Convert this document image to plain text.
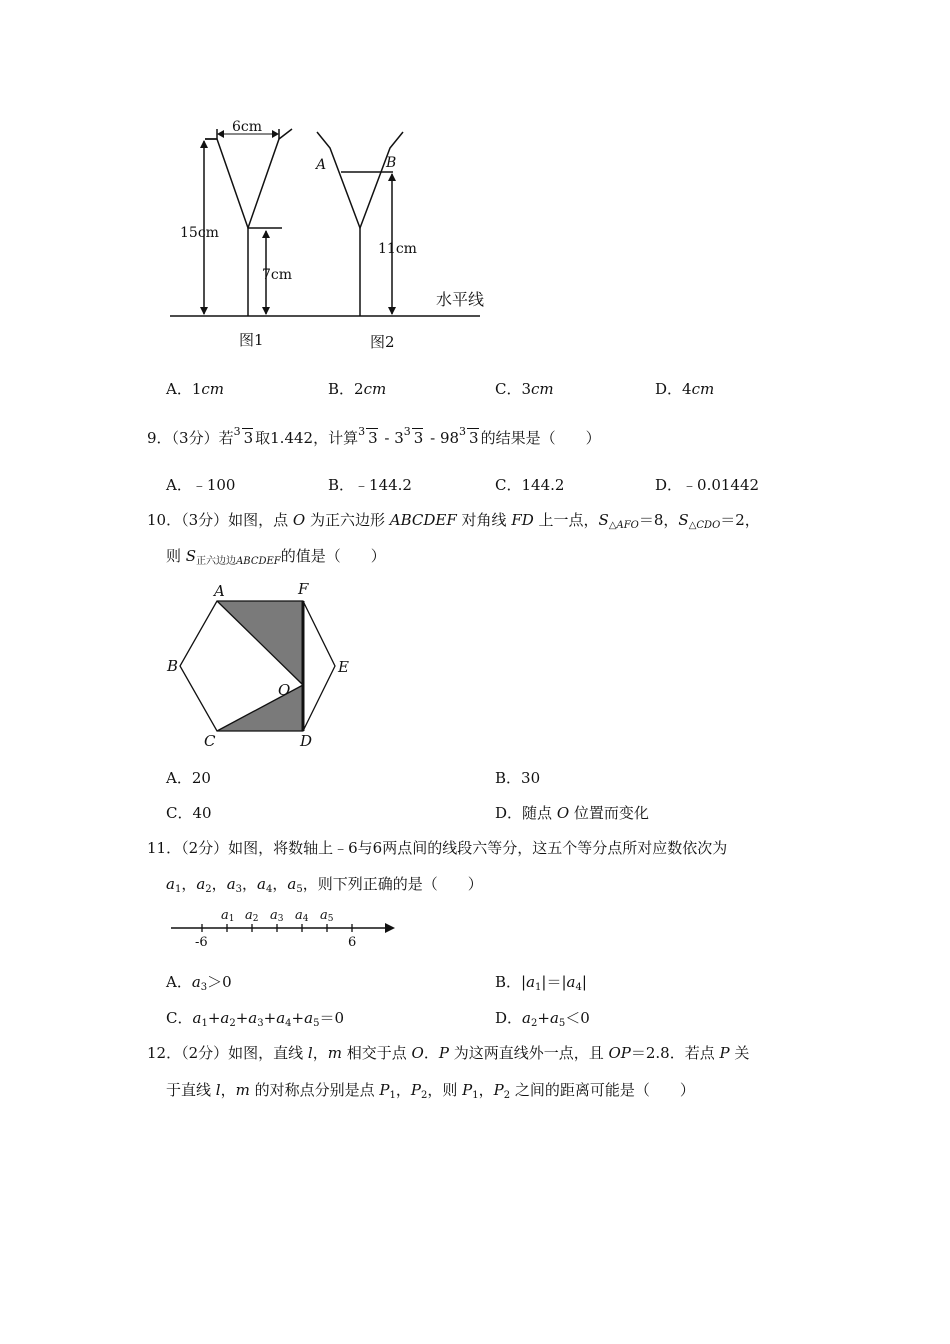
6cm
15cm
7cm
A	B
11cm
水平线
图1	图2
A．1cm	B．2cm	C．3cm	D．4cm
9．（3分）若 3 3 取1.442，计算 3 3 - 3 3 3 - 98 3 3 的结果是（　　）
A．﹣100	B．﹣144.2	C．144.2	D．﹣0.01442
10．（3分）如图，点 O 为正六边形 ABCDEF 对角线 FD 上一点，$S_{\triangle AFO}=8$，$S_{\triangle CDO}=2$，
则 $S_{正六边边ABCDEF}$的值是（　　）
A	F
B	E
O
C	D
A．20	B．30
C．40	D．随点 O 位置而变化
11．（2分）如图，将数轴上﹣6与6两点间的线段六等分，这五个等分点所对应数依次为
$a_1$，$a_2$，$a_3$，$a_4$，$a_5$，则下列正确的是（　　）
a1 a2 a3 a4 a5
-6	6
A．$a_3>0$	B．$|a_1|=|a_4|$
C．$a_1+a_2+a_3+a_4+a_5=0$	D．$a_2+a_5<0$
12．（2分）如图，直线 l，m 相交于点 O．P 为这两直线外一点，且 OP＝2.8．若点 P 关
于直线 l，m 的对称点分别是点 $P_1$，$P_2$，则 $P_1$，$P_2$ 之间的距离可能是（　　）
